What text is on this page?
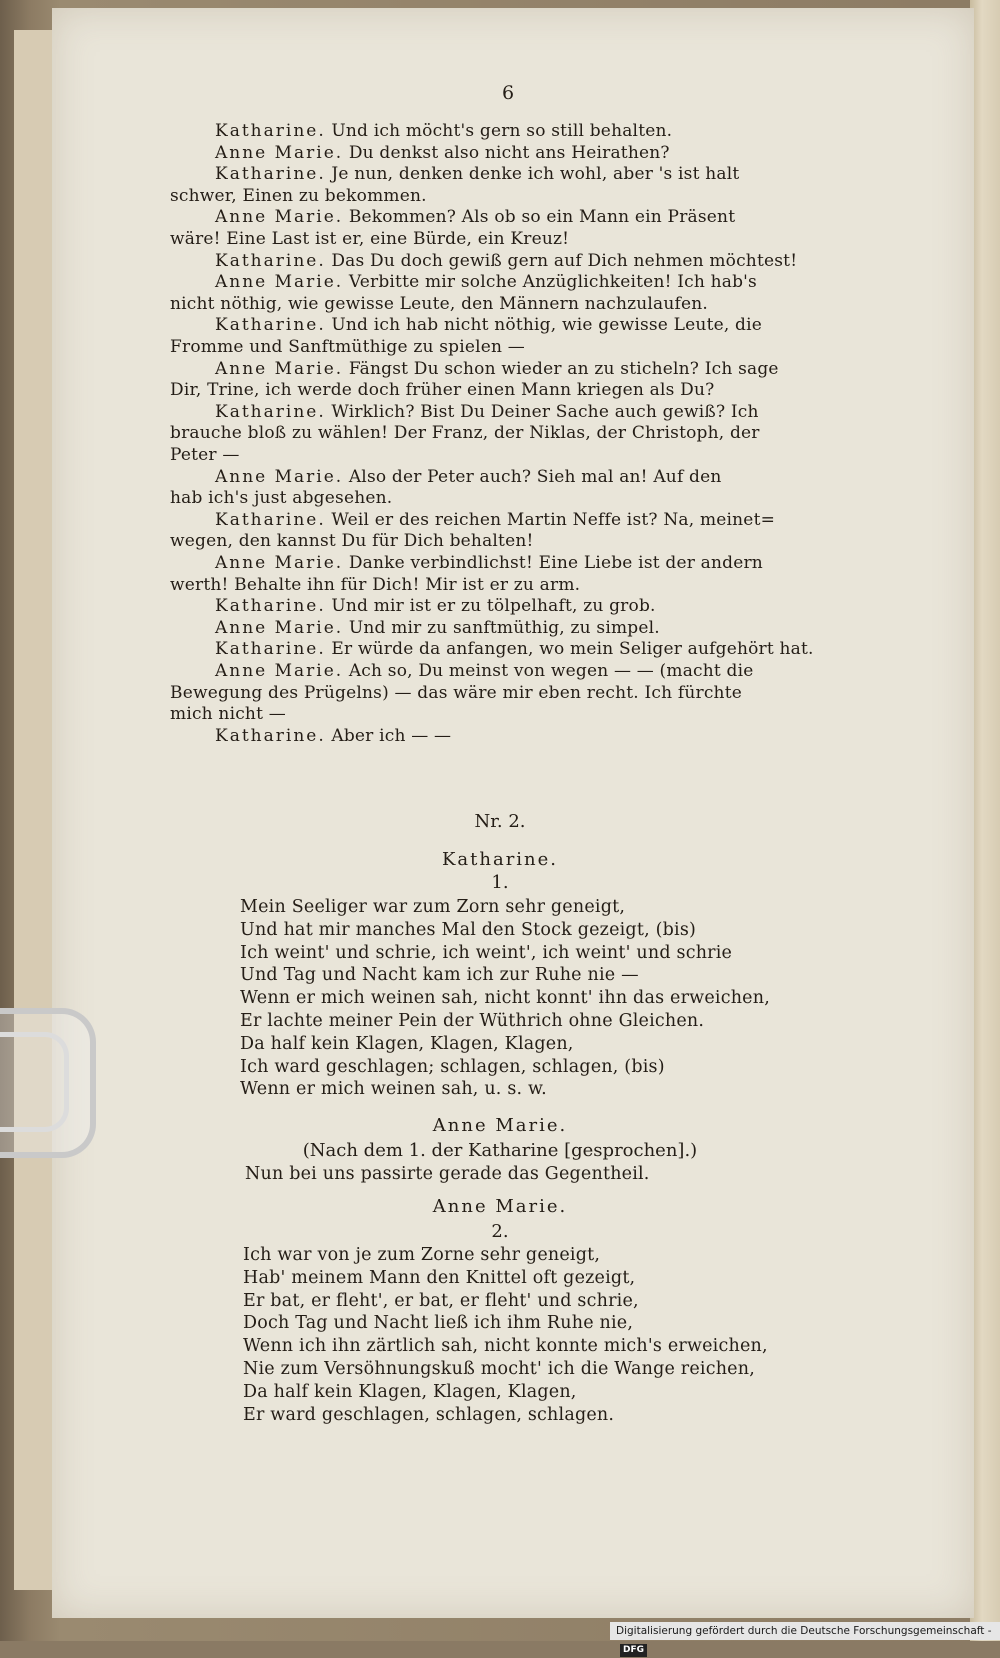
6
Katharine. Und ich möcht's gern so still behalten.
Anne Marie. Du denkst also nicht ans Heirathen?
Katharine. Je nun, denken denke ich wohl, aber 's ist halt
schwer, Einen zu bekommen.
Anne Marie. Bekommen? Als ob so ein Mann ein Präsent
wäre! Eine Last ist er, eine Bürde, ein Kreuz!
Katharine. Das Du doch gewiß gern auf Dich nehmen möchtest!
Anne Marie. Verbitte mir solche Anzüglichkeiten! Ich hab's
nicht nöthig, wie gewisse Leute, den Männern nachzulaufen.
Katharine. Und ich hab nicht nöthig, wie gewisse Leute, die
Fromme und Sanftmüthige zu spielen —
Anne Marie. Fängst Du schon wieder an zu sticheln? Ich sage
Dir, Trine, ich werde doch früher einen Mann kriegen als Du?
Katharine. Wirklich? Bist Du Deiner Sache auch gewiß? Ich
brauche bloß zu wählen! Der Franz, der Niklas, der Christoph, der
Peter —
Anne Marie. Also der Peter auch? Sieh mal an! Auf den
hab ich's just abgesehen.
Katharine. Weil er des reichen Martin Neffe ist? Na, meinet=
wegen, den kannst Du für Dich behalten!
Anne Marie. Danke verbindlichst! Eine Liebe ist der andern
werth! Behalte ihn für Dich! Mir ist er zu arm.
Katharine. Und mir ist er zu tölpelhaft, zu grob.
Anne Marie. Und mir zu sanftmüthig, zu simpel.
Katharine. Er würde da anfangen, wo mein Seliger aufgehört hat.
Anne Marie. Ach so, Du meinst von wegen — — (macht die
Bewegung des Prügelns) — das wäre mir eben recht. Ich fürchte
mich nicht —
Katharine. Aber ich — —
Nr. 2.
Katharine.
1.
Mein Seeliger war zum Zorn sehr geneigt,
Und hat mir manches Mal den Stock gezeigt, (bis)
Ich weint' und schrie, ich weint', ich weint' und schrie
Und Tag und Nacht kam ich zur Ruhe nie —
Wenn er mich weinen sah, nicht konnt' ihn das erweichen,
Er lachte meiner Pein der Wüthrich ohne Gleichen.
Da half kein Klagen, Klagen, Klagen,
Ich ward geschlagen; schlagen, schlagen, (bis)
Wenn er mich weinen sah, u. s. w.
Anne Marie.
(Nach dem 1. der Katharine [gesprochen].)
Nun bei uns passirte gerade das Gegentheil.
Anne Marie.
2.
Ich war von je zum Zorne sehr geneigt,
Hab' meinem Mann den Knittel oft gezeigt,
Er bat, er fleht', er bat, er fleht' und schrie,
Doch Tag und Nacht ließ ich ihm Ruhe nie,
Wenn ich ihn zärtlich sah, nicht konnte mich's erweichen,
Nie zum Versöhnungskuß mocht' ich die Wange reichen,
Da half kein Klagen, Klagen, Klagen,
Er ward geschlagen, schlagen, schlagen.
Digitalisierung gefördert durch die Deutsche Forschungsgemeinschaft -DFG
